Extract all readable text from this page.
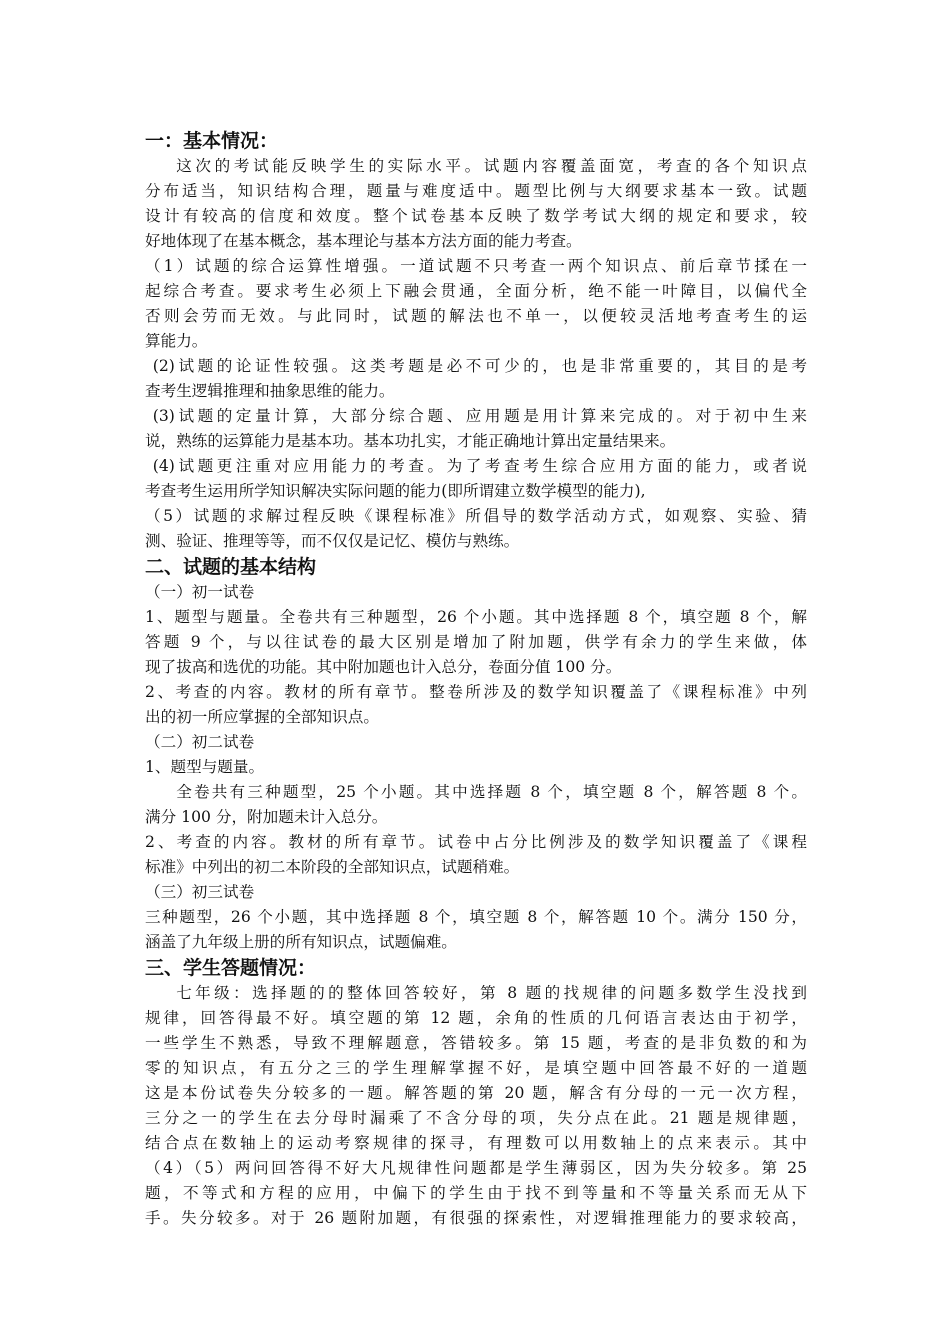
一：基本情况：

这次的考试能反映学生的实际水平。试题内容覆盖面宽，考查的各个知识点

分布适当，知识结构合理，题量与难度适中。题型比例与大纲要求基本一致。试题

设计有较高的信度和效度。整个试卷基本反映了数学考试大纲的规定和要求，较

好地体现了在基本概念，基本理论与基本方法方面的能力考查。

（1）试题的综合运算性增强。一道试题不只考查一两个知识点、前后章节揉在一

起综合考查。要求考生必须上下融会贯通，全面分析，绝不能一叶障目，以偏代全

否则会劳而无效。与此同时，试题的解法也不单一，以便较灵活地考查考生的运

算能力。

(2)试题的论证性较强。这类考题是必不可少的，也是非常重要的，其目的是考

查考生逻辑推理和抽象思维的能力。

(3)试题的定量计算，大部分综合题、应用题是用计算来完成的。对于初中生来

说，熟练的运算能力是基本功。基本功扎实，才能正确地计算出定量结果来。

(4)试题更注重对应用能力的考查。为了考查考生综合应用方面的能力，或者说

考查考生运用所学知识解决实际问题的能力(即所谓建立数学模型的能力),

（5）试题的求解过程反映《课程标准》所倡导的数学活动方式，如观察、实验、猜

测、验证、推理等等，而不仅仅是记忆、模仿与熟练。

二、试题的基本结构

（一）初一试卷

1、题型与题量。全卷共有三种题型，26 个小题。其中选择题 8 个，填空题 8 个，解

答题 9 个，与以往试卷的最大区别是增加了附加题，供学有余力的学生来做，体

现了拔高和选优的功能。其中附加题也计入总分，卷面分值 100 分。

2、考查的内容。教材的所有章节。整卷所涉及的数学知识覆盖了《课程标准》中列

出的初一所应掌握的全部知识点。

（二）初二试卷

1、题型与题量。

全卷共有三种题型，25 个小题。其中选择题 8 个，填空题 8 个，解答题 8 个。

满分 100 分，附加题未计入总分。

2、考查的内容。教材的所有章节。试卷中占分比例涉及的数学知识覆盖了《课程

标准》中列出的初二本阶段的全部知识点，试题稍难。

（三）初三试卷

三种题型，26 个小题，其中选择题 8 个，填空题 8 个，解答题 10 个。满分 150 分，

涵盖了九年级上册的所有知识点，试题偏难。

三、学生答题情况：

七年级：选择题的的整体回答较好，第 8 题的找规律的问题多数学生没找到

规律，回答得最不好。填空题的第 12 题，余角的性质的几何语言表达由于初学，

一些学生不熟悉，导致不理解题意，答错较多。第 15 题，考查的是非负数的和为

零的知识点，有五分之三的学生理解掌握不好，是填空题中回答最不好的一道题

这是本份试卷失分较多的一题。解答题的第 20 题，解含有分母的一元一次方程，

三分之一的学生在去分母时漏乘了不含分母的项，失分点在此。21 题是规律题，

结合点在数轴上的运动考察规律的探寻，有理数可以用数轴上的点来表示。其中

（4）（5）两问回答得不好大凡规律性问题都是学生薄弱区，因为失分较多。第 25

题，不等式和方程的应用，中偏下的学生由于找不到等量和不等量关系而无从下

手。失分较多。对于 26 题附加题，有很强的探索性，对逻辑推理能力的要求较高，
